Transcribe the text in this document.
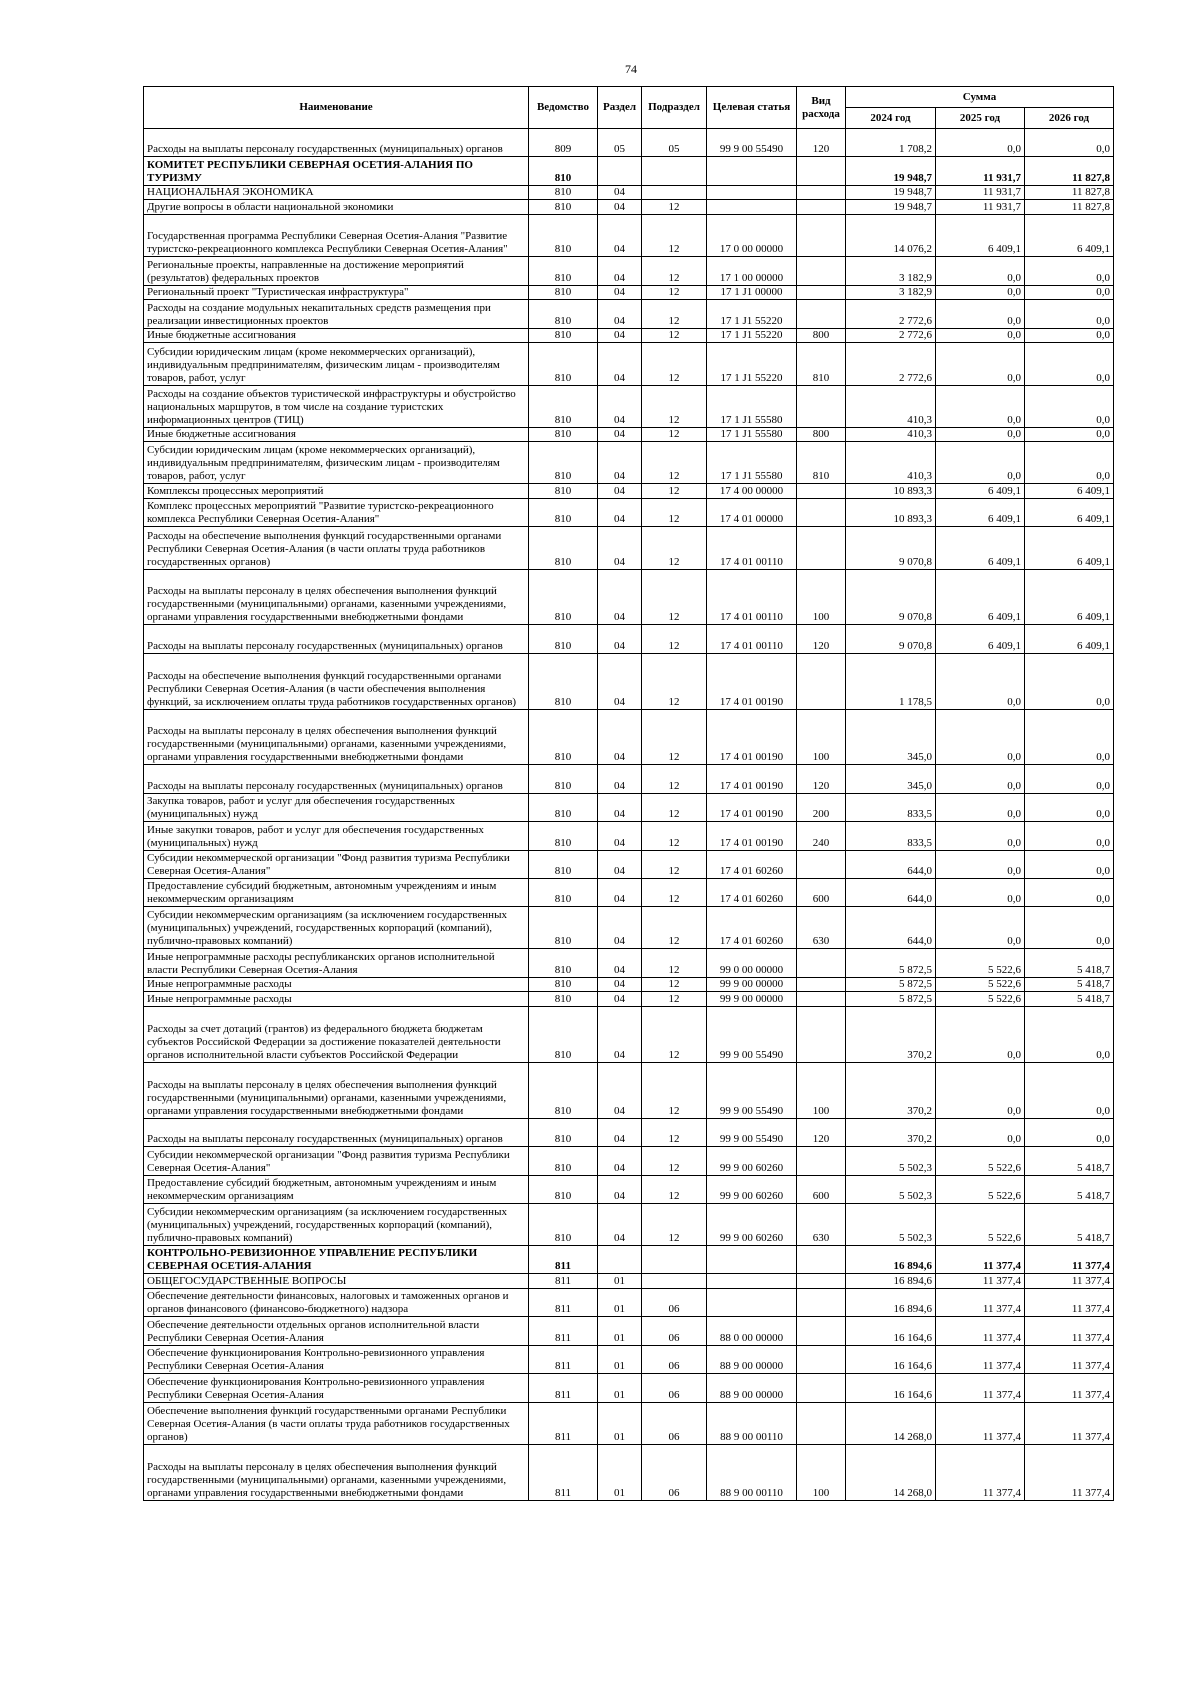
74
Наименование	Ведомство	Раздел	Подраздел	Целевая статья	Вид расхода	Сумма		
						2024 год	2025 год	2026 год
Расходы на выплаты персоналу государственных (муниципальных) органов	809	05	05	99 9 00 55490	120	1 708,2	0,0	0,0
КОМИТЕТ РЕСПУБЛИКИ СЕВЕРНАЯ ОСЕТИЯ-АЛАНИЯ ПО ТУРИЗМУ	810					19 948,7	11 931,7	11 827,8
НАЦИОНАЛЬНАЯ ЭКОНОМИКА	810	04				19 948,7	11 931,7	11 827,8
Другие вопросы в области национальной экономики	810	04	12			19 948,7	11 931,7	11 827,8
Государственная программа Республики Северная Осетия-Алания "Развитие туристско-рекреационного комплекса Республики Северная Осетия-Алания"	810	04	12	17 0 00 00000		14 076,2	6 409,1	6 409,1
Региональные проекты, направленные на достижение мероприятий (результатов) федеральных проектов	810	04	12	17 1 00 00000		3 182,9	0,0	0,0
Региональный проект "Туристическая инфраструктура"	810	04	12	17 1 J1 00000		3 182,9	0,0	0,0
Расходы на создание модульных некапитальных средств размещения при реализации инвестиционных проектов	810	04	12	17 1 J1 55220		2 772,6	0,0	0,0
Иные бюджетные ассигнования	810	04	12	17 1 J1 55220	800	2 772,6	0,0	0,0
Субсидии юридическим лицам (кроме некоммерческих организаций), индивидуальным предпринимателям, физическим лицам - производителям товаров, работ, услуг	810	04	12	17 1 J1 55220	810	2 772,6	0,0	0,0
Расходы на создание объектов туристической инфраструктуры и обустройство национальных маршрутов, в том числе на создание туристских информационных центров (ТИЦ)	810	04	12	17 1 J1 55580		410,3	0,0	0,0
Иные бюджетные ассигнования	810	04	12	17 1 J1 55580	800	410,3	0,0	0,0
Субсидии юридическим лицам (кроме некоммерческих организаций), индивидуальным предпринимателям, физическим лицам - производителям товаров, работ, услуг	810	04	12	17 1 J1 55580	810	410,3	0,0	0,0
Комплексы процессных мероприятий	810	04	12	17 4 00 00000		10 893,3	6 409,1	6 409,1
Комплекс процессных мероприятий "Развитие туристско-рекреационного комплекса Республики Северная Осетия-Алания"	810	04	12	17 4 01 00000		10 893,3	6 409,1	6 409,1
Расходы на обеспечение выполнения функций государственными органами Республики Северная Осетия-Алания (в части оплаты труда работников государственных органов)	810	04	12	17 4 01 00110		9 070,8	6 409,1	6 409,1
Расходы на выплаты персоналу в целях обеспечения выполнения функций государственными (муниципальными) органами, казенными учреждениями, органами управления государственными внебюджетными фондами	810	04	12	17 4 01 00110	100	9 070,8	6 409,1	6 409,1
Расходы на выплаты персоналу государственных (муниципальных) органов	810	04	12	17 4 01 00110	120	9 070,8	6 409,1	6 409,1
Расходы на обеспечение выполнения функций государственными органами Республики Северная Осетия-Алания (в части обеспечения выполнения функций, за исключением оплаты труда работников государственных органов)	810	04	12	17 4 01 00190		1 178,5	0,0	0,0
Расходы на выплаты персоналу в целях обеспечения выполнения функций государственными (муниципальными) органами, казенными учреждениями, органами управления государственными внебюджетными фондами	810	04	12	17 4 01 00190	100	345,0	0,0	0,0
Расходы на выплаты персоналу государственных (муниципальных) органов	810	04	12	17 4 01 00190	120	345,0	0,0	0,0
Закупка товаров, работ и услуг для обеспечения государственных (муниципальных) нужд	810	04	12	17 4 01 00190	200	833,5	0,0	0,0
Иные закупки товаров, работ и услуг для обеспечения государственных (муниципальных) нужд	810	04	12	17 4 01 00190	240	833,5	0,0	0,0
Субсидии некоммерческой организации "Фонд развития туризма Республики Северная Осетия-Алания"	810	04	12	17 4 01 60260		644,0	0,0	0,0
Предоставление субсидий бюджетным, автономным учреждениям и иным некоммерческим организациям	810	04	12	17 4 01 60260	600	644,0	0,0	0,0
Субсидии некоммерческим организациям (за исключением государственных (муниципальных) учреждений, государственных корпораций (компаний), публично-правовых компаний)	810	04	12	17 4 01 60260	630	644,0	0,0	0,0
Иные непрограммные расходы республиканских органов исполнительной власти Республики Северная Осетия-Алания	810	04	12	99 0 00 00000		5 872,5	5 522,6	5 418,7
Иные непрограммные расходы	810	04	12	99 9 00 00000		5 872,5	5 522,6	5 418,7
Иные непрограммные расходы	810	04	12	99 9 00 00000		5 872,5	5 522,6	5 418,7
Расходы за счет дотаций (грантов) из федерального бюджета бюджетам субъектов Российской Федерации за достижение показателей деятельности органов исполнительной власти субъектов Российской Федерации	810	04	12	99 9 00 55490		370,2	0,0	0,0
Расходы на выплаты персоналу в целях обеспечения выполнения функций государственными (муниципальными) органами, казенными учреждениями, органами управления государственными внебюджетными фондами	810	04	12	99 9 00 55490	100	370,2	0,0	0,0
Расходы на выплаты персоналу государственных (муниципальных) органов	810	04	12	99 9 00 55490	120	370,2	0,0	0,0
Субсидии некоммерческой организации "Фонд развития туризма Республики Северная Осетия-Алания"	810	04	12	99 9 00 60260		5 502,3	5 522,6	5 418,7
Предоставление субсидий бюджетным, автономным учреждениям и иным некоммерческим организациям	810	04	12	99 9 00 60260	600	5 502,3	5 522,6	5 418,7
Субсидии некоммерческим организациям (за исключением государственных (муниципальных) учреждений, государственных корпораций (компаний), публично-правовых компаний)	810	04	12	99 9 00 60260	630	5 502,3	5 522,6	5 418,7
КОНТРОЛЬНО-РЕВИЗИОННОЕ УПРАВЛЕНИЕ РЕСПУБЛИКИ СЕВЕРНАЯ ОСЕТИЯ-АЛАНИЯ	811					16 894,6	11 377,4	11 377,4
ОБЩЕГОСУДАРСТВЕННЫЕ ВОПРОСЫ	811	01				16 894,6	11 377,4	11 377,4
Обеспечение деятельности финансовых, налоговых и таможенных органов и органов финансового (финансово-бюджетного) надзора	811	01	06			16 894,6	11 377,4	11 377,4
Обеспечение деятельности отдельных органов исполнительной власти Республики Северная Осетия-Алания	811	01	06	88 0 00 00000		16 164,6	11 377,4	11 377,4
Обеспечение функционирования Контрольно-ревизионного управления Республики Северная Осетия-Алания	811	01	06	88 9 00 00000		16 164,6	11 377,4	11 377,4
Обеспечение функционирования Контрольно-ревизионного управления Республики Северная Осетия-Алания	811	01	06	88 9 00 00000		16 164,6	11 377,4	11 377,4
Обеспечение выполнения функций государственными органами Республики Северная Осетия-Алания (в части оплаты труда работников государственных органов)	811	01	06	88 9 00 00110		14 268,0	11 377,4	11 377,4
Расходы на выплаты персоналу в целях обеспечения выполнения функций государственными (муниципальными) органами, казенными учреждениями, органами управления государственными внебюджетными фондами	811	01	06	88 9 00 00110	100	14 268,0	11 377,4	11 377,4
